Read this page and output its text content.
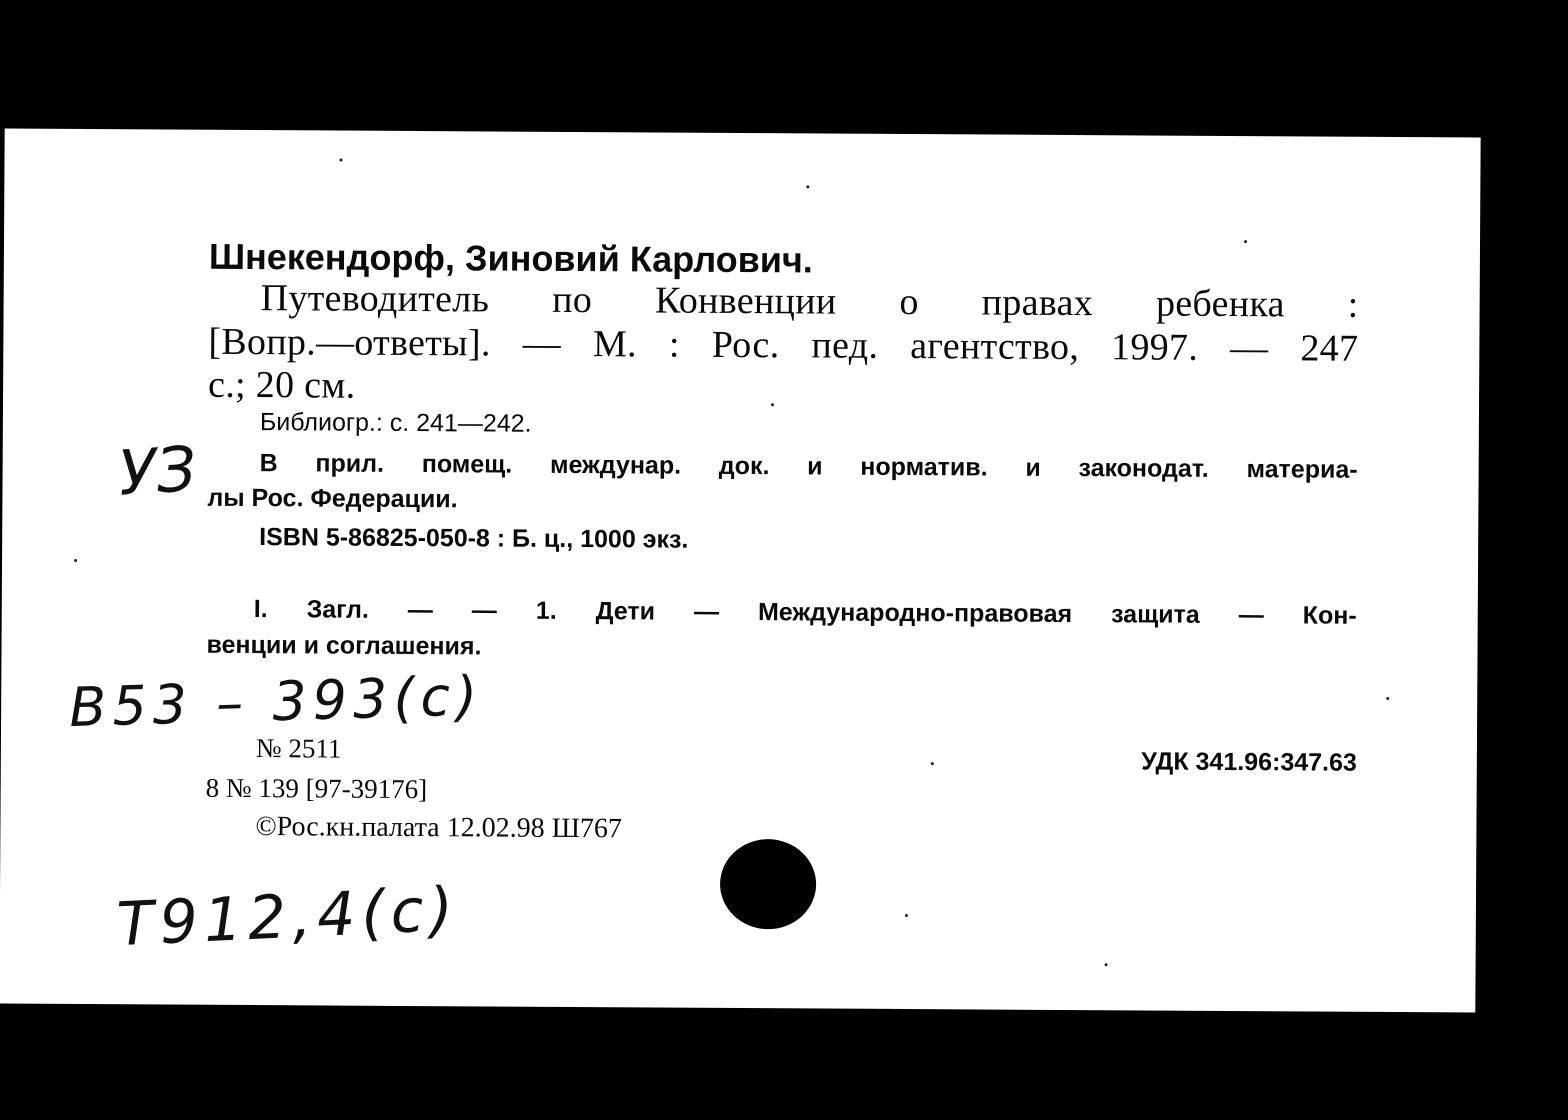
Шнекендорф, Зиновий Карлович.
Путеводитель по Конвенции о правах ребенка :
[Вопр.—ответы]. — М. : Рос. пед. агентство, 1997. — 247
с.; 20 см.
Библиогр.: с. 241—242.
В прил. помещ. междунар. док. и норматив. и законодат. материа-
лы Рос. Федерации.
ISBN 5-86825-050-8 : Б. ц., 1000 экз.
I. Загл. — — 1. Дети — Международно-правовая защита — Кон-
венции и соглашения.
№ 2511	УДК 341.96:347.63
8 № 139 [97-39176]
©Рос.кн.палата 12.02.98 Ш767
УЗ
В53 – 393(с)
Т912,4(с)
